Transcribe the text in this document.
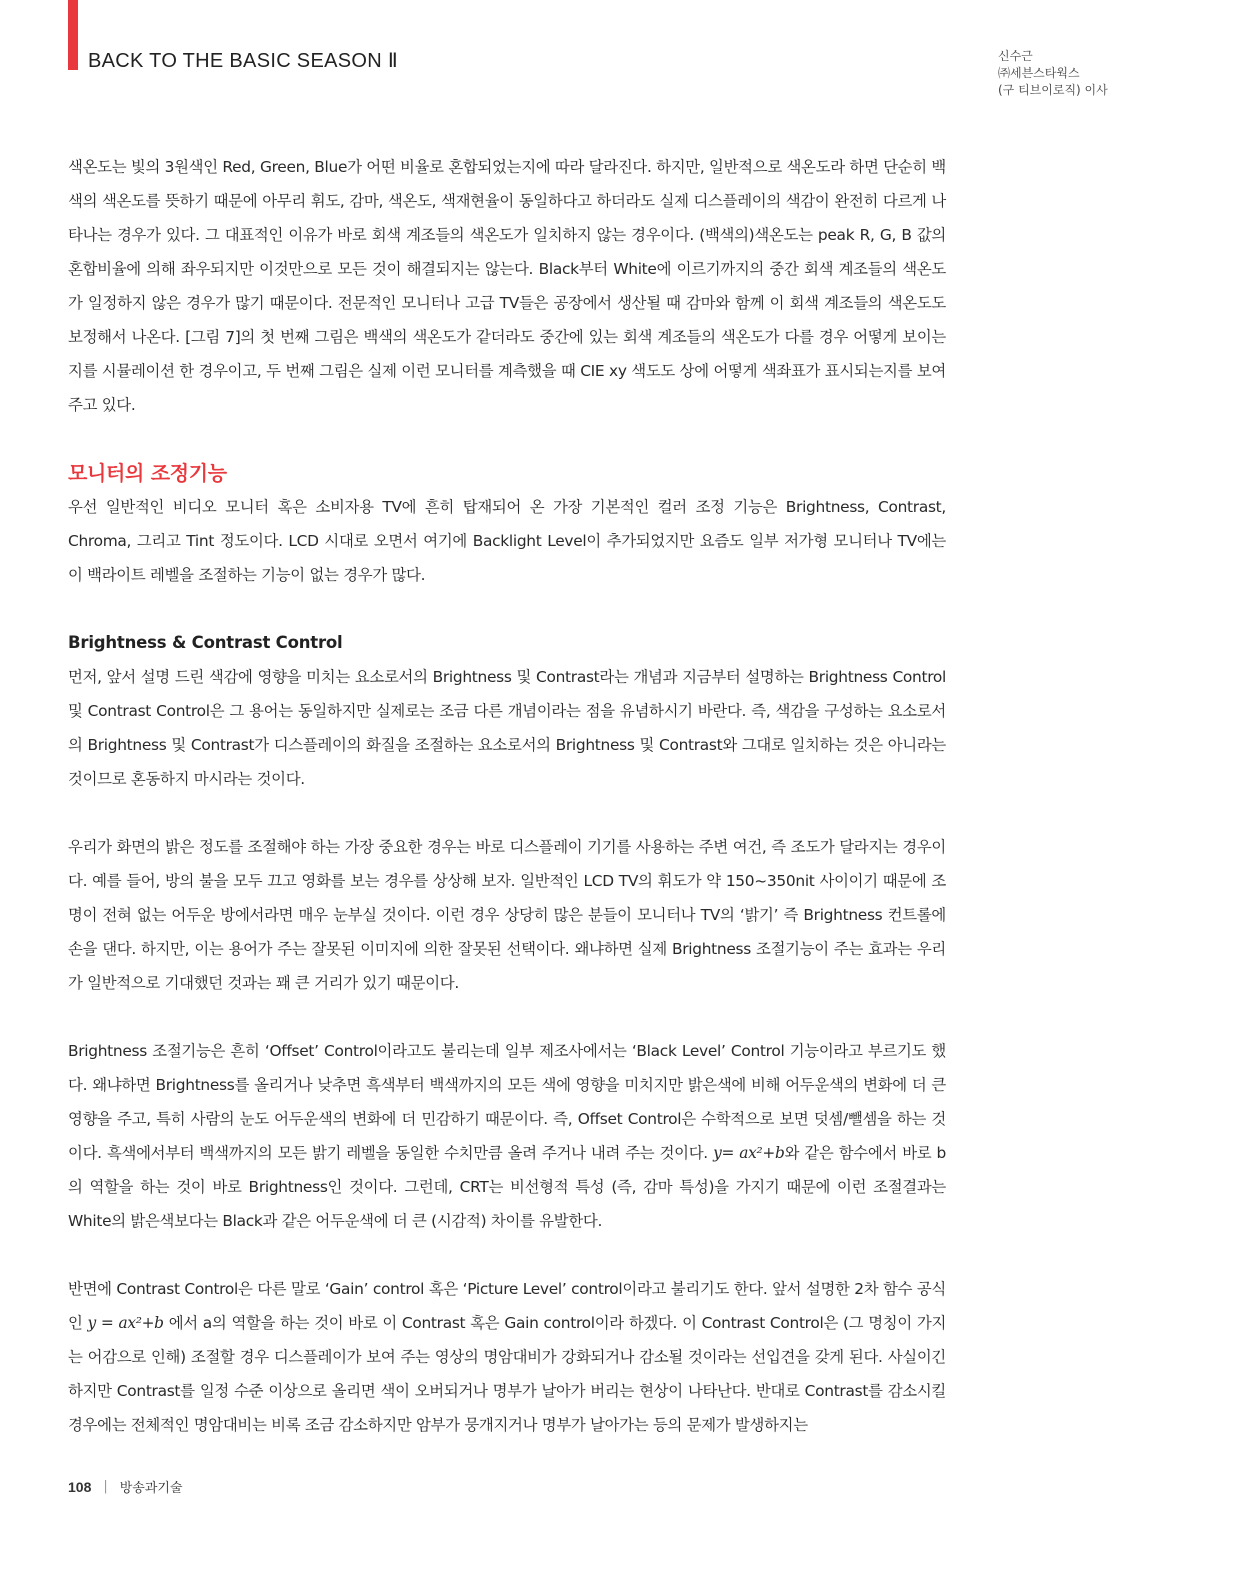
BACK TO THE BASIC SEASON Ⅱ	신수근
㈜세븐스타웍스
(구 티브이로직) 이사

색온도는 빛의 3원색인 Red, Green, Blue가 어떤 비율로 혼합되었는지에 따라 달라진다. 하지만, 일반적으로 색온도라 하면 단순히 백색의 색온도를 뜻하기 때문에 아무리 휘도, 감마, 색온도, 색재현율이 동일하다고 하더라도 실제 디스플레이의 색감이 완전히 다르게 나타나는 경우가 있다. 그 대표적인 이유가 바로 회색 계조들의 색온도가 일치하지 않는 경우이다. (백색의)색온도는 peak R, G, B 값의 혼합비율에 의해 좌우되지만 이것만으로 모든 것이 해결되지는 않는다. Black부터 White에 이르기까지의 중간 회색 계조들의 색온도가 일정하지 않은 경우가 많기 때문이다. 전문적인 모니터나 고급 TV들은 공장에서 생산될 때 감마와 함께 이 회색 계조들의 색온도도 보정해서 나온다. [그림 7]의 첫 번째 그림은 백색의 색온도가 같더라도 중간에 있는 회색 계조들의 색온도가 다를 경우 어떻게 보이는 지를 시뮬레이션 한 경우이고, 두 번째 그림은 실제 이런 모니터를 계측했을 때 CIE xy 색도도 상에 어떻게 색좌표가 표시되는지를 보여 주고 있다.

모니터의 조정기능

우선 일반적인 비디오 모니터 혹은 소비자용 TV에 흔히 탑재되어 온 가장 기본적인 컬러 조정 기능은 Brightness, Contrast, Chroma, 그리고 Tint 정도이다. LCD 시대로 오면서 여기에 Backlight Level이 추가되었지만 요즘도 일부 저가형 모니터나 TV에는 이 백라이트 레벨을 조절하는 기능이 없는 경우가 많다.

Brightness & Contrast Control

먼저, 앞서 설명 드린 색감에 영향을 미치는 요소로서의 Brightness 및 Contrast라는 개념과 지금부터 설명하는 Brightness Control 및 Contrast Control은 그 용어는 동일하지만 실제로는 조금 다른 개념이라는 점을 유념하시기 바란다. 즉, 색감을 구성하는 요소로서의 Brightness 및 Contrast가 디스플레이의 화질을 조절하는 요소로서의 Brightness 및 Contrast와 그대로 일치하는 것은 아니라는 것이므로 혼동하지 마시라는 것이다.

우리가 화면의 밝은 정도를 조절해야 하는 가장 중요한 경우는 바로 디스플레이 기기를 사용하는 주변 여건, 즉 조도가 달라지는 경우이다. 예를 들어, 방의 불을 모두 끄고 영화를 보는 경우를 상상해 보자. 일반적인 LCD TV의 휘도가 약 150~350nit 사이이기 때문에 조명이 전혀 없는 어두운 방에서라면 매우 눈부실 것이다. 이런 경우 상당히 많은 분들이 모니터나 TV의 ‘밝기’ 즉 Brightness 컨트롤에 손을 댄다. 하지만, 이는 용어가 주는 잘못된 이미지에 의한 잘못된 선택이다. 왜냐하면 실제 Brightness 조절기능이 주는 효과는 우리가 일반적으로 기대했던 것과는 꽤 큰 거리가 있기 때문이다.

Brightness 조절기능은 흔히 ‘Offset’ Control이라고도 불리는데 일부 제조사에서는 ‘Black Level’ Control 기능이라고 부르기도 했다. 왜냐하면 Brightness를 올리거나 낮추면 흑색부터 백색까지의 모든 색에 영향을 미치지만 밝은색에 비해 어두운색의 변화에 더 큰 영향을 주고, 특히 사람의 눈도 어두운색의 변화에 더 민감하기 때문이다. 즉, Offset Control은 수학적으로 보면 덧셈/뺄셈을 하는 것이다. 흑색에서부터 백색까지의 모든 밝기 레벨을 동일한 수치만큼 올려 주거나 내려 주는 것이다. y= ax²+b와 같은 함수에서 바로 b의 역할을 하는 것이 바로 Brightness인 것이다. 그런데, CRT는 비선형적 특성 (즉, 감마 특성)을 가지기 때문에 이런 조절결과는 White의 밝은색보다는 Black과 같은 어두운색에 더 큰 (시감적) 차이를 유발한다.

반면에 Contrast Control은 다른 말로 ‘Gain’ control 혹은 ‘Picture Level’ control이라고 불리기도 한다. 앞서 설명한 2차 함수 공식인 y = ax²+b 에서 a의 역할을 하는 것이 바로 이 Contrast 혹은 Gain control이라 하겠다. 이 Contrast Control은 (그 명칭이 가지는 어감으로 인해) 조절할 경우 디스플레이가 보여 주는 영상의 명암대비가 강화되거나 감소될 것이라는 선입견을 갖게 된다. 사실이긴 하지만 Contrast를 일정 수준 이상으로 올리면 색이 오버되거나 명부가 날아가 버리는 현상이 나타난다. 반대로 Contrast를 감소시킬 경우에는 전체적인 명암대비는 비록 조금 감소하지만 암부가 뭉개지거나 명부가 날아가는 등의 문제가 발생하지는

108 | 방송과기술
